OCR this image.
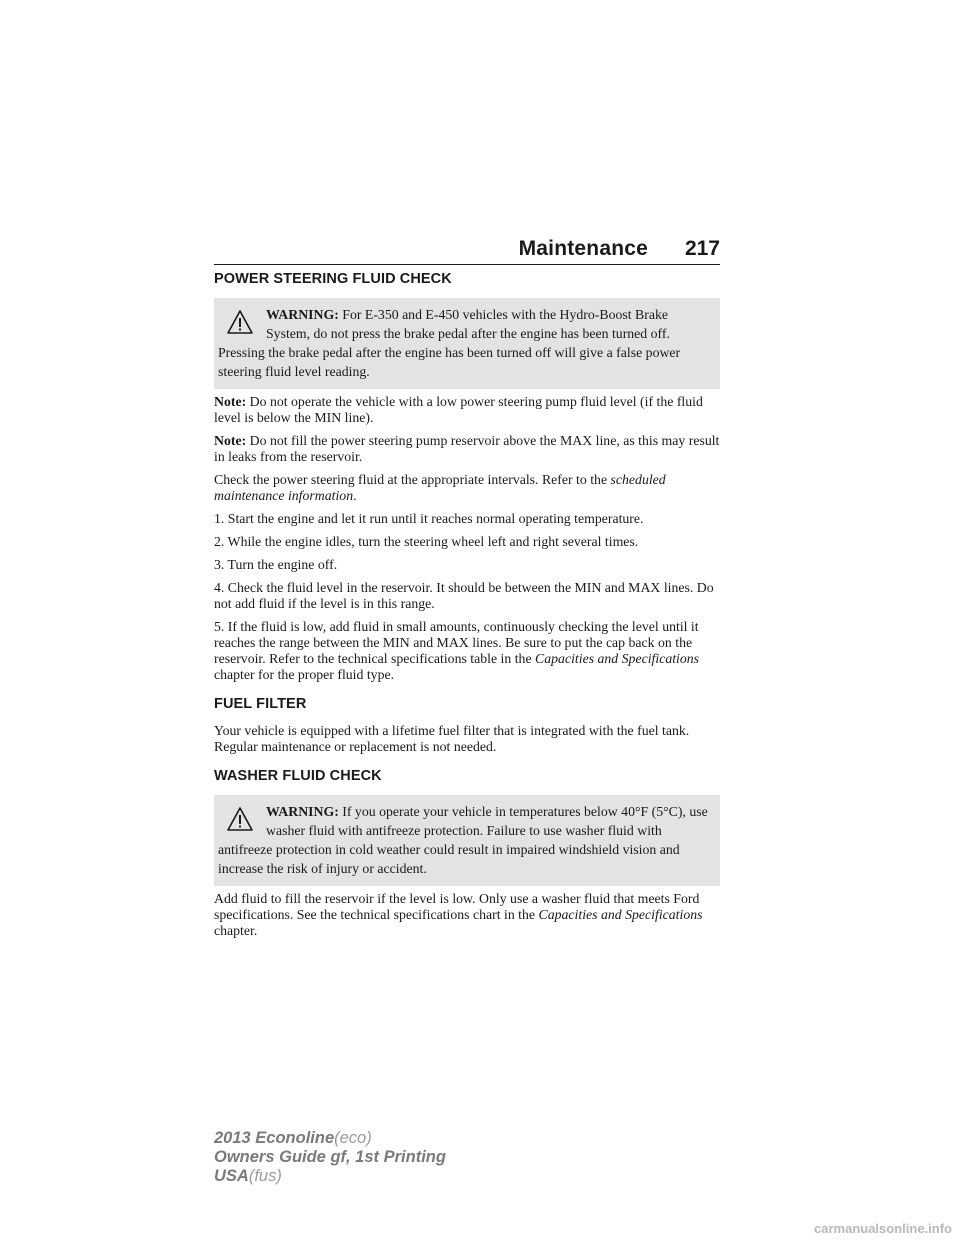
Maintenance 217
POWER STEERING FLUID CHECK
WARNING: For E-350 and E-450 vehicles with the Hydro-Boost Brake System, do not press the brake pedal after the engine has been turned off. Pressing the brake pedal after the engine has been turned off will give a false power steering fluid level reading.

Note: Do not operate the vehicle with a low power steering pump fluid level (if the fluid level is below the MIN line).

Note: Do not fill the power steering pump reservoir above the MAX line, as this may result in leaks from the reservoir.

Check the power steering fluid at the appropriate intervals. Refer to the scheduled maintenance information.

1. Start the engine and let it run until it reaches normal operating temperature.

2. While the engine idles, turn the steering wheel left and right several times.

3. Turn the engine off.

4. Check the fluid level in the reservoir. It should be between the MIN and MAX lines. Do not add fluid if the level is in this range.

5. If the fluid is low, add fluid in small amounts, continuously checking the level until it reaches the range between the MIN and MAX lines. Be sure to put the cap back on the reservoir. Refer to the technical specifications table in the Capacities and Specifications chapter for the proper fluid type.

FUEL FILTER

Your vehicle is equipped with a lifetime fuel filter that is integrated with the fuel tank. Regular maintenance or replacement is not needed.

WASHER FLUID CHECK
WARNING: If you operate your vehicle in temperatures below 40°F (5°C), use washer fluid with antifreeze protection. Failure to use washer fluid with antifreeze protection in cold weather could result in impaired windshield vision and increase the risk of injury or accident.

Add fluid to fill the reservoir if the level is low. Only use a washer fluid that meets Ford specifications. See the technical specifications chart in the Capacities and Specifications chapter.

2013 Econoline(eco)
Owners Guide gf, 1st Printing
USA(fus)
carmanualsonline.info
